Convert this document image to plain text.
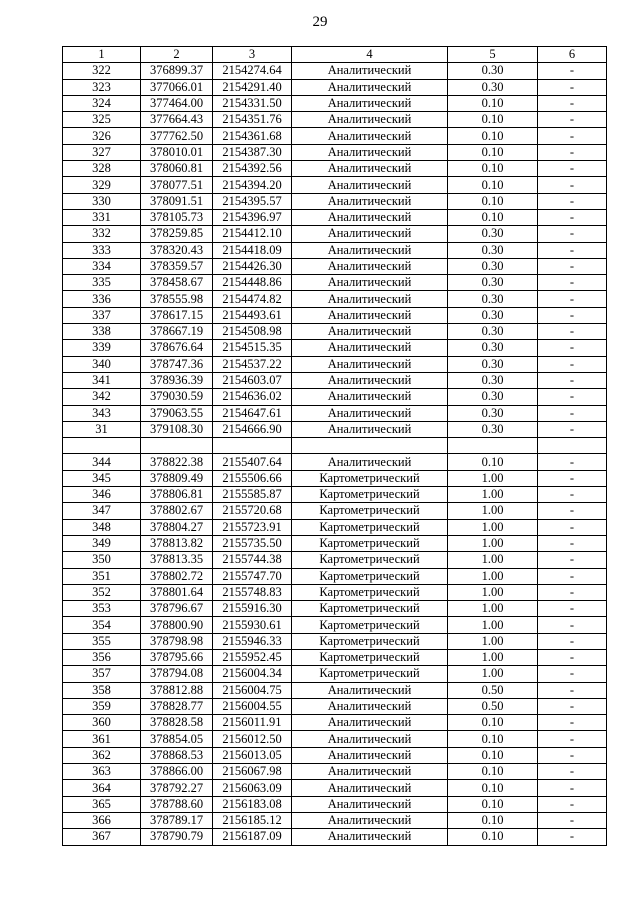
29
1	2	3	4	5	6
322	376899.37	2154274.64	Аналитический	0.30	-
323	377066.01	2154291.40	Аналитический	0.30	-
324	377464.00	2154331.50	Аналитический	0.10	-
325	377664.43	2154351.76	Аналитический	0.10	-
326	377762.50	2154361.68	Аналитический	0.10	-
327	378010.01	2154387.30	Аналитический	0.10	-
328	378060.81	2154392.56	Аналитический	0.10	-
329	378077.51	2154394.20	Аналитический	0.10	-
330	378091.51	2154395.57	Аналитический	0.10	-
331	378105.73	2154396.97	Аналитический	0.10	-
332	378259.85	2154412.10	Аналитический	0.30	-
333	378320.43	2154418.09	Аналитический	0.30	-
334	378359.57	2154426.30	Аналитический	0.30	-
335	378458.67	2154448.86	Аналитический	0.30	-
336	378555.98	2154474.82	Аналитический	0.30	-
337	378617.15	2154493.61	Аналитический	0.30	-
338	378667.19	2154508.98	Аналитический	0.30	-
339	378676.64	2154515.35	Аналитический	0.30	-
340	378747.36	2154537.22	Аналитический	0.30	-
341	378936.39	2154603.07	Аналитический	0.30	-
342	379030.59	2154636.02	Аналитический	0.30	-
343	379063.55	2154647.61	Аналитический	0.30	-
31	379108.30	2154666.90	Аналитический	0.30	-

344	378822.38	2155407.64	Аналитический	0.10	-
345	378809.49	2155506.66	Картометрический	1.00	-
346	378806.81	2155585.87	Картометрический	1.00	-
347	378802.67	2155720.68	Картометрический	1.00	-
348	378804.27	2155723.91	Картометрический	1.00	-
349	378813.82	2155735.50	Картометрический	1.00	-
350	378813.35	2155744.38	Картометрический	1.00	-
351	378802.72	2155747.70	Картометрический	1.00	-
352	378801.64	2155748.83	Картометрический	1.00	-
353	378796.67	2155916.30	Картометрический	1.00	-
354	378800.90	2155930.61	Картометрический	1.00	-
355	378798.98	2155946.33	Картометрический	1.00	-
356	378795.66	2155952.45	Картометрический	1.00	-
357	378794.08	2156004.34	Картометрический	1.00	-
358	378812.88	2156004.75	Аналитический	0.50	-
359	378828.77	2156004.55	Аналитический	0.50	-
360	378828.58	2156011.91	Аналитический	0.10	-
361	378854.05	2156012.50	Аналитический	0.10	-
362	378868.53	2156013.05	Аналитический	0.10	-
363	378866.00	2156067.98	Аналитический	0.10	-
364	378792.27	2156063.09	Аналитический	0.10	-
365	378788.60	2156183.08	Аналитический	0.10	-
366	378789.17	2156185.12	Аналитический	0.10	-
367	378790.79	2156187.09	Аналитический	0.10	-
